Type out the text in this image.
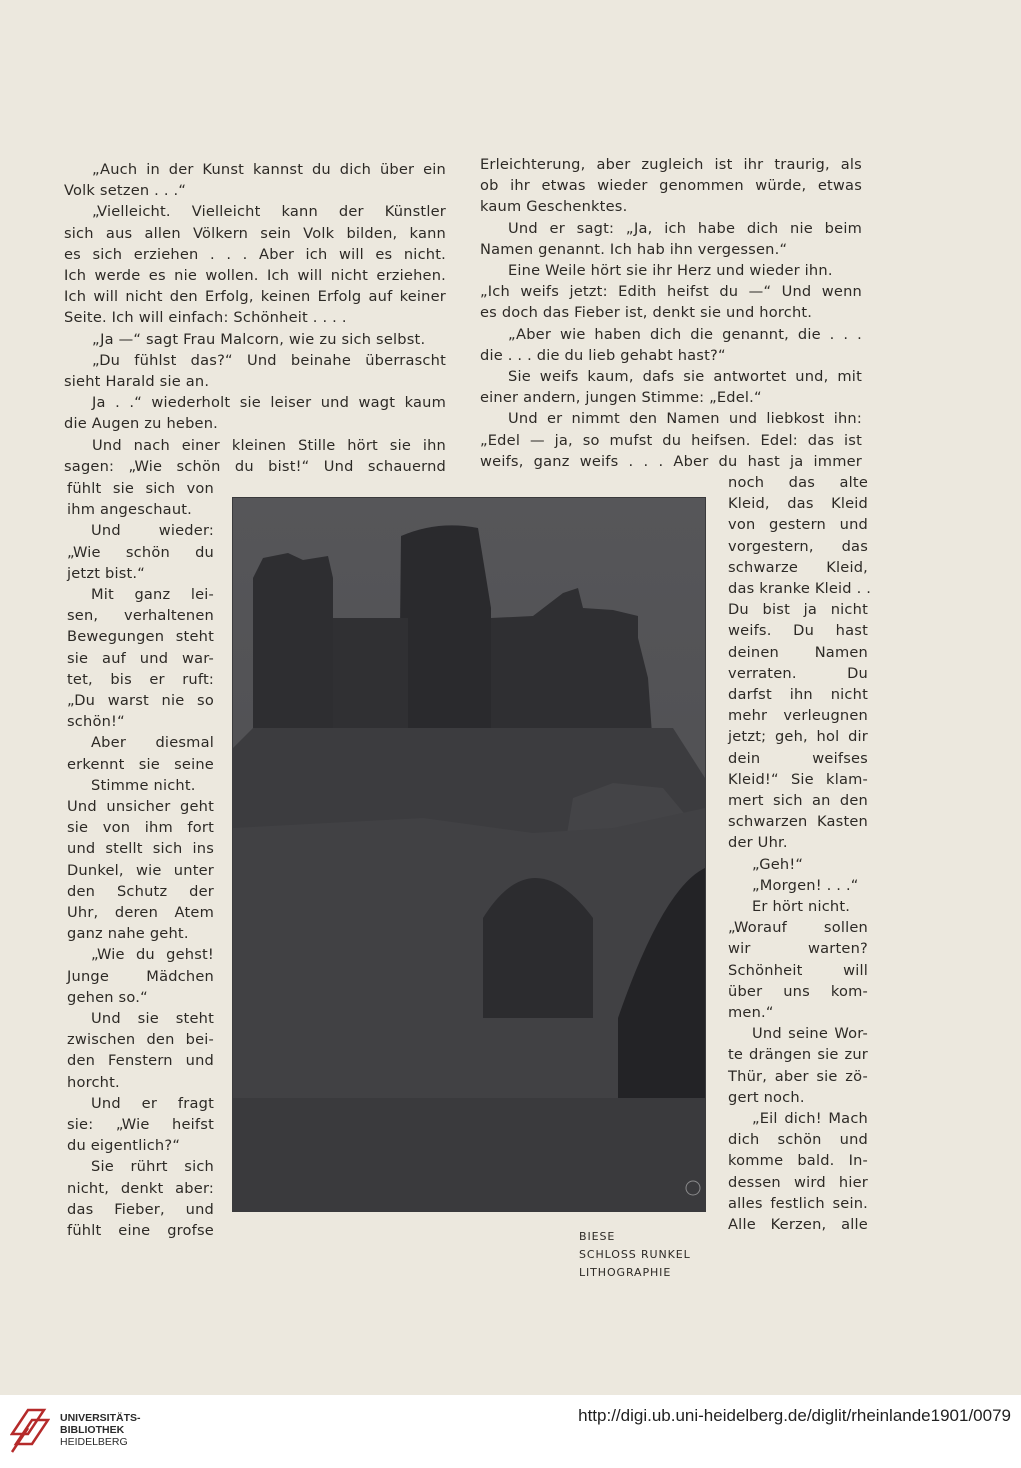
„Auch in der Kunst kannst du dich über ein
Volk setzen . . .“
„Vielleicht. Vielleicht kann der Künstler
sich aus allen Völkern sein Volk bilden, kann
es sich erziehen . . . Aber ich will es nicht.
Ich werde es nie wollen. Ich will nicht erziehen.
Ich will nicht den Erfolg, keinen Erfolg auf keiner
Seite. Ich will einfach: Schönheit . . . .
„Ja —“ sagt Frau Malcorn, wie zu sich selbst.
„Du fühlst das?“ Und beinahe überrascht
sieht Harald sie an.
Ja . .“ wiederholt sie leiser und wagt kaum
die Augen zu heben.
Und nach einer kleinen Stille hört sie ihn
sagen: „Wie schön du bist!“ Und schauernd
fühlt sie sich von
ihm angeschaut.
Und wieder:
„Wie schön du
jetzt bist.“
Mit ganz lei-
sen, verhaltenen
Bewegungen steht
sie auf und war-
tet, bis er ruft:
„Du warst nie so
schön!“
Aber diesmal
erkennt sie seine
Stimme nicht.
Und unsicher geht
sie von ihm fort
und stellt sich ins
Dunkel, wie unter
den Schutz der
Uhr, deren Atem
ganz nahe geht.
„Wie du gehst!
Junge Mädchen
gehen so.“
Und sie steht
zwischen den bei-
den Fenstern und
horcht.
Und er fragt
sie: „Wie heifst
du eigentlich?“
Sie rührt sich
nicht, denkt aber:
das Fieber, und
fühlt eine grofse
Erleichterung, aber zugleich ist ihr traurig, als
ob ihr etwas wieder genommen würde, etwas
kaum Geschenktes.
Und er sagt: „Ja, ich habe dich nie beim
Namen genannt. Ich hab ihn vergessen.“
Eine Weile hört sie ihr Herz und wieder ihn.
„Ich weifs jetzt: Edith heifst du —“ Und wenn
es doch das Fieber ist, denkt sie und horcht.
„Aber wie haben dich die genannt, die . . .
die . . . die du lieb gehabt hast?“
Sie weifs kaum, dafs sie antwortet und, mit
einer andern, jungen Stimme: „Edel.“
Und er nimmt den Namen und liebkost ihn:
„Edel — ja, so mufst du heifsen. Edel: das ist
weifs, ganz weifs . . . Aber du hast ja immer
noch das alte
Kleid, das Kleid
von gestern und
vorgestern, das
schwarze Kleid,
das kranke Kleid . .
Du bist ja nicht
weifs. Du hast
deinen Namen
verraten. Du
darfst ihn nicht
mehr verleugnen
jetzt; geh, hol dir
dein weifses
Kleid!“ Sie klam-
mert sich an den
schwarzen Kasten
der Uhr.
„Geh!“
„Morgen! . . .“
Er hört nicht.
„Worauf sollen
wir warten?
Schönheit will
über uns kom-
men.“
Und seine Wor-
te drängen sie zur
Thür, aber sie zö-
gert noch.
„Eil dich! Mach
dich schön und
komme bald. In-
dessen wird hier
alles festlich sein.
Alle Kerzen, alle
BIESE
SCHLOSS RUNKEL
LITHOGRAPHIE
UNIVERSITÄTS-
BIBLIOTHEK
HEIDELBERG
http://digi.ub.uni-heidelberg.de/diglit/rheinlande1901/0079
